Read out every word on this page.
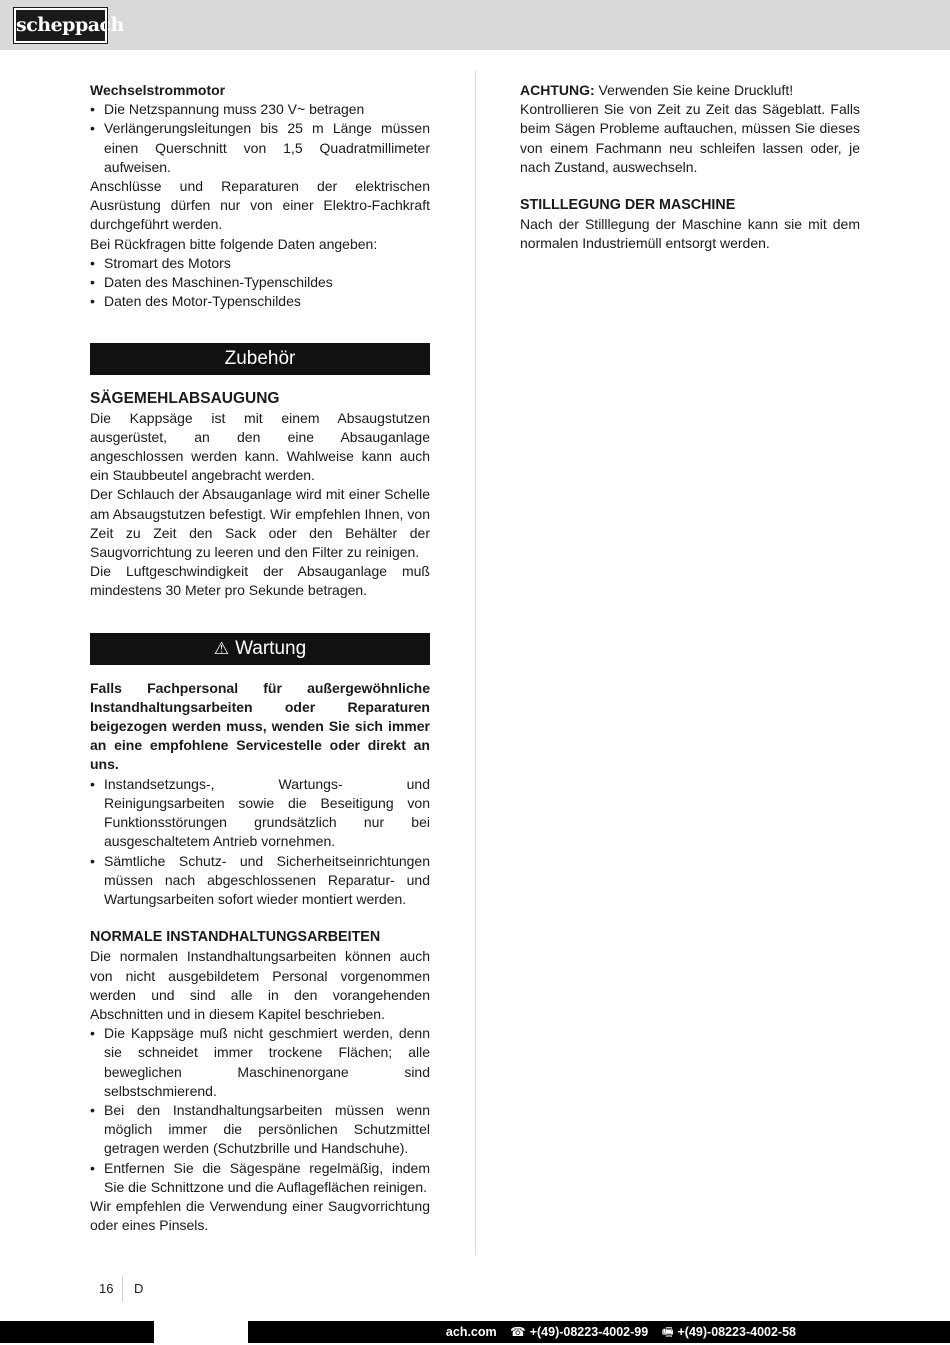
scheppach

Wechselstrommotor

• Die Netzspannung muss 230 V~ betragen
• Verlängerungsleitungen bis 25 m Länge müssen einen Querschnitt von 1,5 Quadratmillimeter aufweisen.

Anschlüsse und Reparaturen der elektrischen Ausrüstung dürfen nur von einer Elektro-Fachkraft durchgeführt werden.

Bei Rückfragen bitte folgende Daten angeben:

• Stromart des Motors
• Daten des Maschinen-Typenschildes
• Daten des Motor-Typenschildes
Zubehör

SÄGEMEHLABSAUGUNG

Die Kappsäge ist mit einem Absaugstutzen ausgerüstet, an den eine Absauganlage angeschlossen werden kann. Wahlweise kann auch ein Staubbeutel angebracht werden.

Der Schlauch der Absauganlage wird mit einer Schelle am Absaugstutzen befestigt. Wir empfehlen Ihnen, von Zeit zu Zeit den Sack oder den Behälter der Saugvorrichtung zu leeren und den Filter zu reinigen.

Die Luftgeschwindigkeit der Absauganlage muß mindestens 30 Meter pro Sekunde betragen.

⚠ Wartung

Falls Fachpersonal für außergewöhnliche Instandhaltungsarbeiten oder Reparaturen beigezogen werden muss, wenden Sie sich immer an eine empfohlene Servicestelle oder direkt an uns.

• Instandsetzungs-, Wartungs- und Reinigungsarbeiten sowie die Beseitigung von Funktionsstörungen grundsätzlich nur bei ausgeschaltetem Antrieb vornehmen.
• Sämtliche Schutz- und Sicherheitseinrichtungen müssen nach abgeschlossenen Reparatur- und Wartungsarbeiten sofort wieder montiert werden.

NORMALE INSTANDHALTUNGSARBEITEN

Die normalen Instandhaltungsarbeiten können auch von nicht ausgebildetem Personal vorgenommen werden und sind alle in den vorangehenden Abschnitten und in diesem Kapitel beschrieben.

• Die Kappsäge muß nicht geschmiert werden, denn sie schneidet immer trockene Flächen; alle beweglichen Maschinenorgane sind selbstschmierend.
• Bei den Instandhaltungsarbeiten müssen wenn möglich immer die persönlichen Schutzmittel getragen werden (Schutzbrille und Handschuhe).
• Entfernen Sie die Sägespäne regelmäßig, indem Sie die Schnittzone und die Auflageflächen reinigen.

Wir empfehlen die Verwendung einer Saugvorrichtung oder eines Pinsels.

ACHTUNG: Verwenden Sie keine Druckluft!

Kontrollieren Sie von Zeit zu Zeit das Sägeblatt. Falls beim Sägen Probleme auftauchen, müssen Sie dieses von einem Fachmann neu schleifen lassen oder, je nach Zustand, auswechseln.

STILLLEGUNG DER MASCHINE

Nach der Stilllegung der Maschine kann sie mit dem normalen Industriemüll entsorgt werden.

16 D
ach.com ☎ +(49)-08223-4002-99 🖷 +(49)-08223-4002-58
